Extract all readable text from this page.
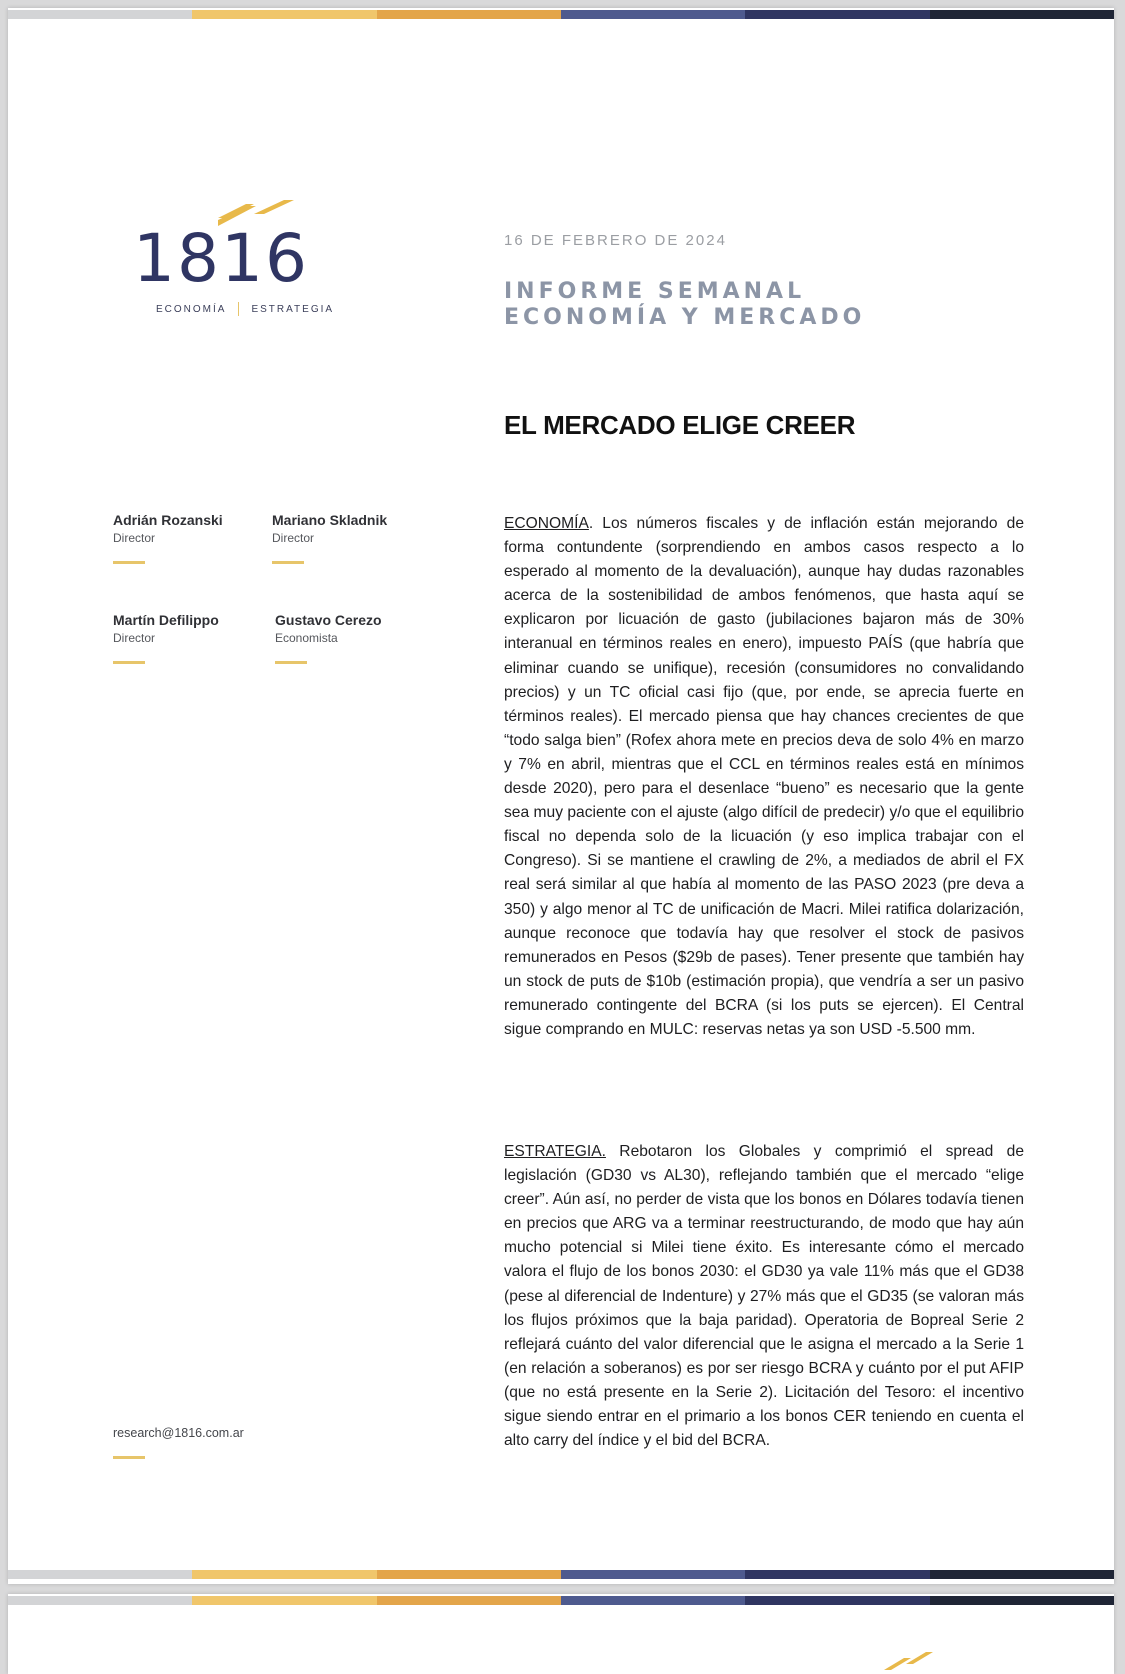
1816
ECONOMÍA	ESTRATEGIA
16 DE FEBRERO DE 2024
INFORME SEMANAL
ECONOMÍA Y MERCADO
EL MERCADO ELIGE CREER
Adrián Rozanski
Director
Mariano Skladnik
Director
Martín Defilippo
Director
Gustavo Cerezo
Economista
ECONOMÍA. Los números fiscales y de inflación están mejorando de forma contundente (sorprendiendo en ambos casos respecto a lo esperado al momento de la devaluación), aunque hay dudas razonables acerca de la sostenibilidad de ambos fenómenos, que hasta aquí se explicaron por licuación de gasto (jubilaciones bajaron más de 30% interanual en términos reales en enero), impuesto PAÍS (que habría que eliminar cuando se unifique), recesión (consumidores no convalidando precios) y un TC oficial casi fijo (que, por ende, se aprecia fuerte en términos reales). El mercado piensa que hay chances crecientes de que “todo salga bien” (Rofex ahora mete en precios deva de solo 4% en marzo y 7% en abril, mientras que el CCL en términos reales está en mínimos desde 2020), pero para el desenlace “bueno” es necesario que la gente sea muy paciente con el ajuste (algo difícil de predecir) y/o que el equilibrio fiscal no dependa solo de la licuación (y eso implica trabajar con el Congreso). Si se mantiene el crawling de 2%, a mediados de abril el FX real será similar al que había al momento de las PASO 2023 (pre deva a 350) y algo menor al TC de unificación de Macri. Milei ratifica dolarización, aunque reconoce que todavía hay que resolver el stock de pasivos remunerados en Pesos ($29b de pases). Tener presente que también hay un stock de puts de $10b (estimación propia), que vendría a ser un pasivo remunerado contingente del BCRA (si los puts se ejercen). El Central sigue comprando en MULC: reservas netas ya son USD -5.500 mm.
ESTRATEGIA. Rebotaron los Globales y comprimió el spread de legislación (GD30 vs AL30), reflejando también que el mercado “elige creer”. Aún así, no perder de vista que los bonos en Dólares todavía tienen en precios que ARG va a terminar reestructurando, de modo que hay aún mucho potencial si Milei tiene éxito. Es interesante cómo el mercado valora el flujo de los bonos 2030: el GD30 ya vale 11% más que el GD38 (pese al diferencial de Indenture) y 27% más que el GD35 (se valoran más los flujos próximos que la baja paridad). Operatoria de Bopreal Serie 2 reflejará cuánto del valor diferencial que le asigna el mercado a la Serie 1 (en relación a soberanos) es por ser riesgo BCRA y cuánto por el put AFIP (que no está presente en la Serie 2). Licitación del Tesoro: el incentivo sigue siendo entrar en el primario a los bonos CER teniendo en cuenta el alto carry del índice y el bid del BCRA.
research@1816.com.ar
